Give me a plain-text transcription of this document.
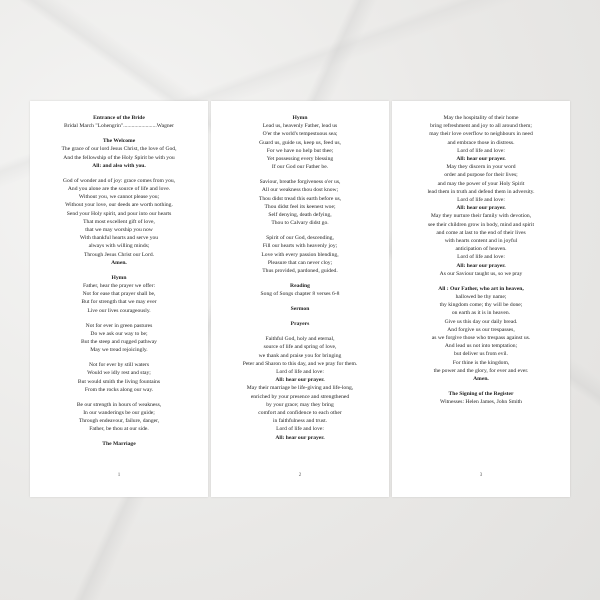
Entrance of the Bride
Bridal March "Lohengrin"........................Wagner
The Welcome
The grace of our lord Jesus Christ, the love of God,
And the fellowship of the Holy Spirit be with you
All: and also with you.
God of wonder and of joy: grace comes from you,
And you alone are the source of life and love.
Without you, we cannot please you;
Without your love, our deeds are worth nothing.
Send your Holy spirit, and pour into our hearts
That most excellent gift of love,
that we may worship you now
With thankful hearts and serve you
always with willing minds;
Through Jesus Christ our Lord.
Amen.
Hymn
Father, hear the prayer we offer:
Not for ease that prayer shall be,
But for strength that we may ever
Live our lives courageously.
Not for ever in green pastures
Do we ask our way to be;
But the steep and rugged pathway
May we tread rejoicingly.
Not for ever by still waters
Would we idly rest and stay;
But would smith the living fountains
From the rocks along our way.
Be our strength in hours of weakness,
In our wanderings be our guide;
Through endeavour, failure, danger,
Father, be thou at our side.
The Marriage
1
Hymn
Lead us, heavenly Father, lead us
O'er the world's tempestuous sea;
Guard us, guide us, keep us, feed us,
For we have no help but thee;
Yet possessing every blessing
If our God our Father be.
Saviour, breathe forgiveness o'er us,
All our weakness thou dost know;
Thou didst tread this earth before us,
Thou didst feel its keenest woe;
Self denying, death defying,
Thou to Calvary didst go.
Spirit of our God, descending,
Fill our hearts with heavenly joy;
Love with every passion blending,
Pleasure that can never cloy;
Thus provided, pardoned, guided.
Reading
Song of Songs chapter 8 verses 6-8
Sermon
Prayers
Faithful God, holy and eternal,
source of life and spring of love,
we thank and praise you for bringing
Peter and Sharon to this day, and we pray for them.
Lord of life and love:
All: hear our prayer.
May their marriage be life-giving and life-long,
enriched by your presence and strengthened
by your grace; may they bring
comfort and confidence to each other
in faithfulness and trust.
Lord of life and love:
All: hear our prayer.
2
May the hospitality of their home
bring refreshment and joy to all around them;
may their love overflow to neighbours in need
and embrace those in distress.
Lord of life and love:
All: hear our prayer.
May they discern in your word
order and purpose for their lives;
and may the power of your Holy Spirit
lead them in truth and defend them in adversity.
Lord of life and love:
All: hear our prayer.
May they nurture their family with devotion,
see their children grow in body, mind and spirit
and come at last to the end of their lives
with hearts content and in joyful
anticipation of heaven.
Lord of life and love:
All: hear our prayer.
As our Saviour taught us, so we pray
All : Our Father, who art in heaven,
hallowed be thy name;
thy kingdom come; thy will be done;
on earth as it is in heaven.
Give us this day our daily bread.
And forgive us our trespasses,
as we forgive those who trespass against us.
And lead us not into temptation;
but deliver us from evil.
For thine is the kingdom,
the power and the glory, for ever and ever.
Amen.
The Signing of the Register
Witnesses: Helen James, John Smith
3
